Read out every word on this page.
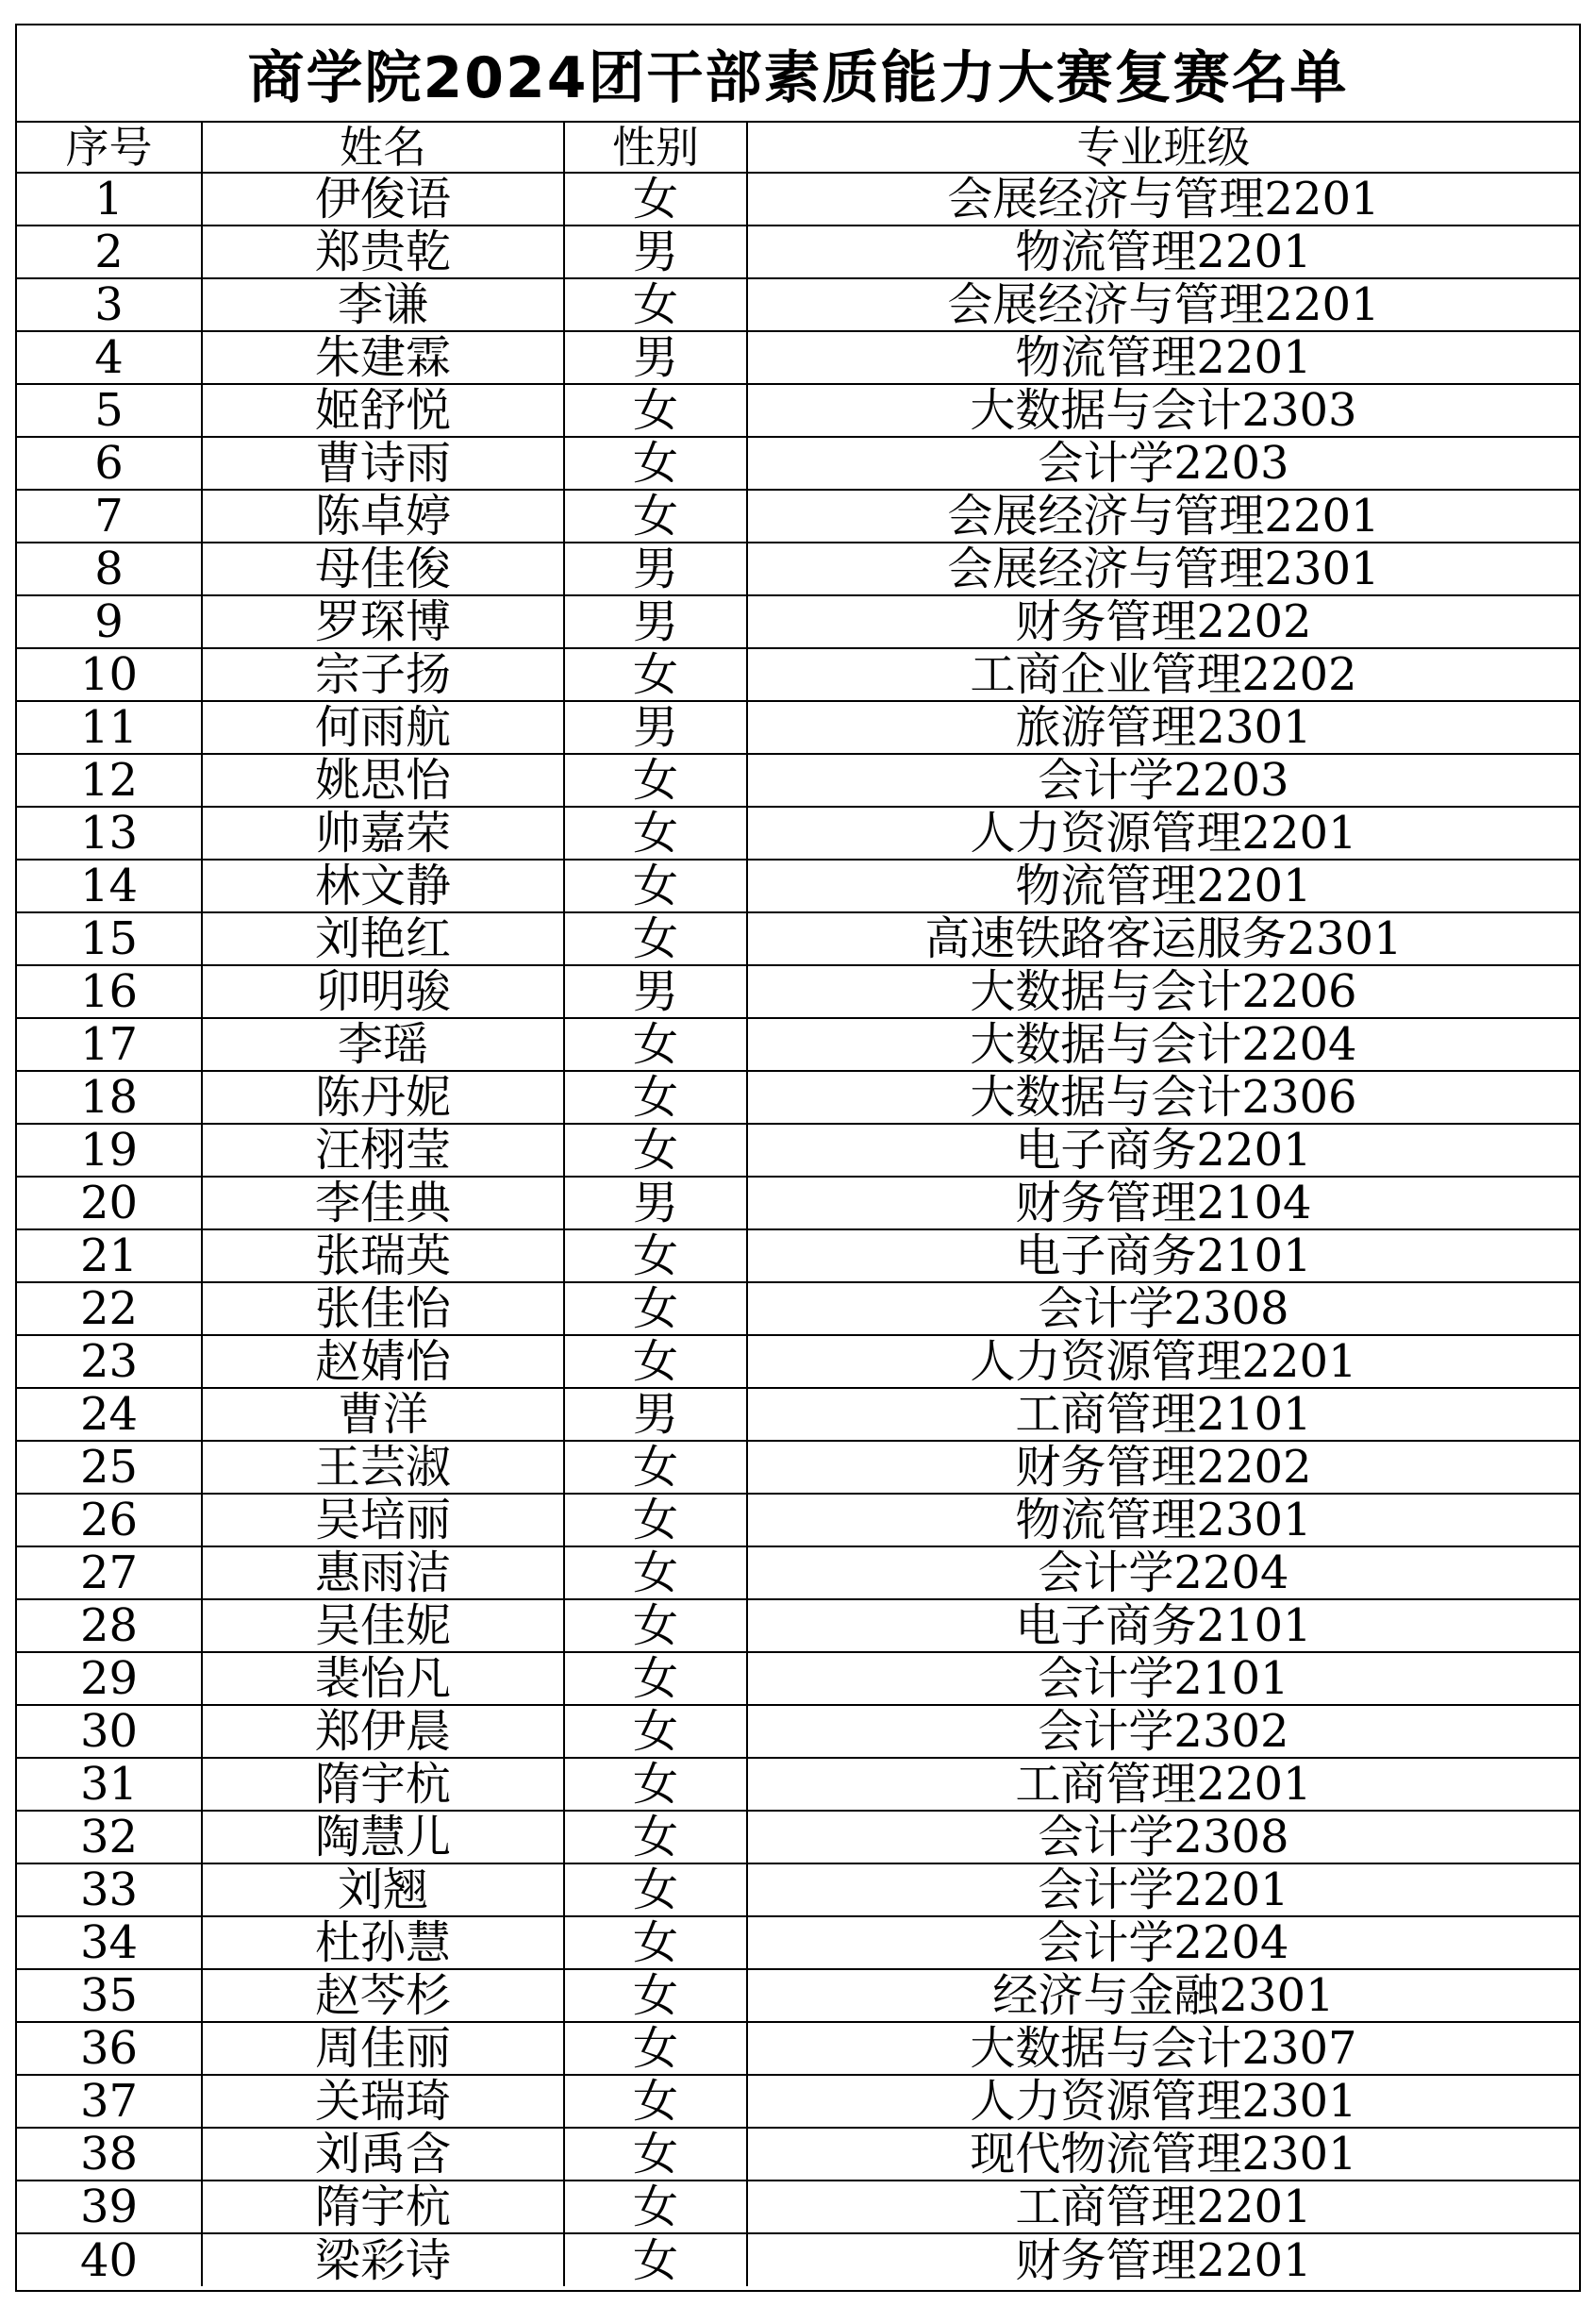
商学院2024团干部素质能力大赛复赛名单
序号	姓名	性别	专业班级
1	伊俊语	女	会展经济与管理2201
2	郑贵乾	男	物流管理2201
3	李谦	女	会展经济与管理2201
4	朱建霖	男	物流管理2201
5	姬舒悦	女	大数据与会计2303
6	曹诗雨	女	会计学2203
7	陈卓婷	女	会展经济与管理2201
8	母佳俊	男	会展经济与管理2301
9	罗琛博	男	财务管理2202
10	宗子扬	女	工商企业管理2202
11	何雨航	男	旅游管理2301
12	姚思怡	女	会计学2203
13	帅嘉荣	女	人力资源管理2201
14	林文静	女	物流管理2201
15	刘艳红	女	高速铁路客运服务2301
16	卯明骏	男	大数据与会计2206
17	李瑶	女	大数据与会计2204
18	陈丹妮	女	大数据与会计2306
19	汪栩莹	女	电子商务2201
20	李佳典	男	财务管理2104
21	张瑞英	女	电子商务2101
22	张佳怡	女	会计学2308
23	赵婧怡	女	人力资源管理2201
24	曹洋	男	工商管理2101
25	王芸淑	女	财务管理2202
26	吴培丽	女	物流管理2301
27	惠雨洁	女	会计学2204
28	吴佳妮	女	电子商务2101
29	裴怡凡	女	会计学2101
30	郑伊晨	女	会计学2302
31	隋宇杭	女	工商管理2201
32	陶慧儿	女	会计学2308
33	刘翘	女	会计学2201
34	杜孙慧	女	会计学2204
35	赵芩杉	女	经济与金融2301
36	周佳丽	女	大数据与会计2307
37	关瑞琦	女	人力资源管理2301
38	刘禹含	女	现代物流管理2301
39	隋宇杭	女	工商管理2201
40	梁彩诗	女	财务管理2201
